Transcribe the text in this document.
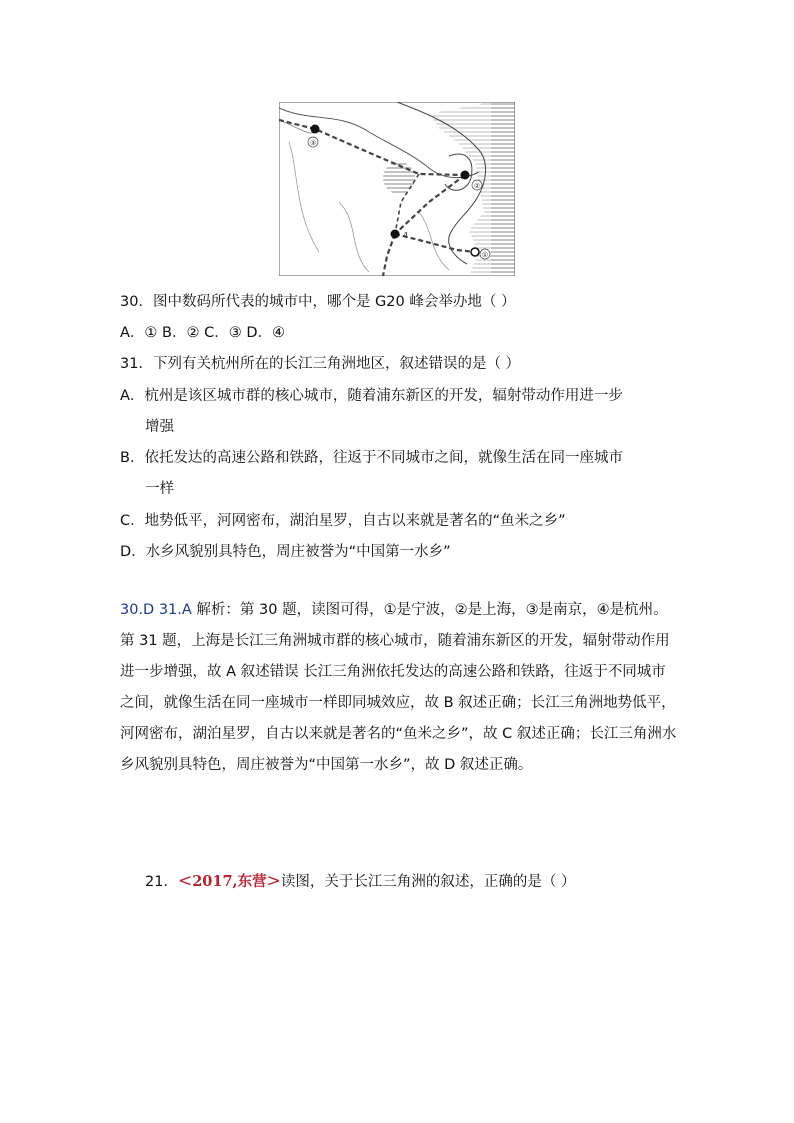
③
②
4
①
30．图中数码所代表的城市中，哪个是 G20 峰会举办地（ ）
A．① B．② C．③ D．④
31．下列有关杭州所在的长江三角洲地区，叙述错误的是（ ）
A．杭州是该区城市群的核心城市，随着浦东新区的开发，辐射带动作用进一步
增强
B．依托发达的高速公路和铁路，往返于不同城市之间，就像生活在同一座城市
一样
C．地势低平，河网密布，湖泊星罗，自古以来就是著名的“鱼米之乡”
D．水乡风貌别具特色，周庄被誉为“中国第一水乡”
30.D 31.A 解析：第 30 题，读图可得，①是宁波，②是上海，③是南京，④是杭州。第 31 题，上海是长江三角洲城市群的核心城市，随着浦东新区的开发，辐射带动作用进一步增强，故 A 叙述错误 长江三角洲依托发达的高速公路和铁路，往返于不同城市之间，就像生活在同一座城市一样即同城效应，故 B 叙述正确；长江三角洲地势低平，河网密布，湖泊星罗，自古以来就是著名的“鱼米之乡”，故 C 叙述正确；长江三角洲水乡风貌别具特色，周庄被誉为“中国第一水乡”，故 D 叙述正确。
21．<2017,东营>读图，关于长江三角洲的叙述，正确的是（ ）
